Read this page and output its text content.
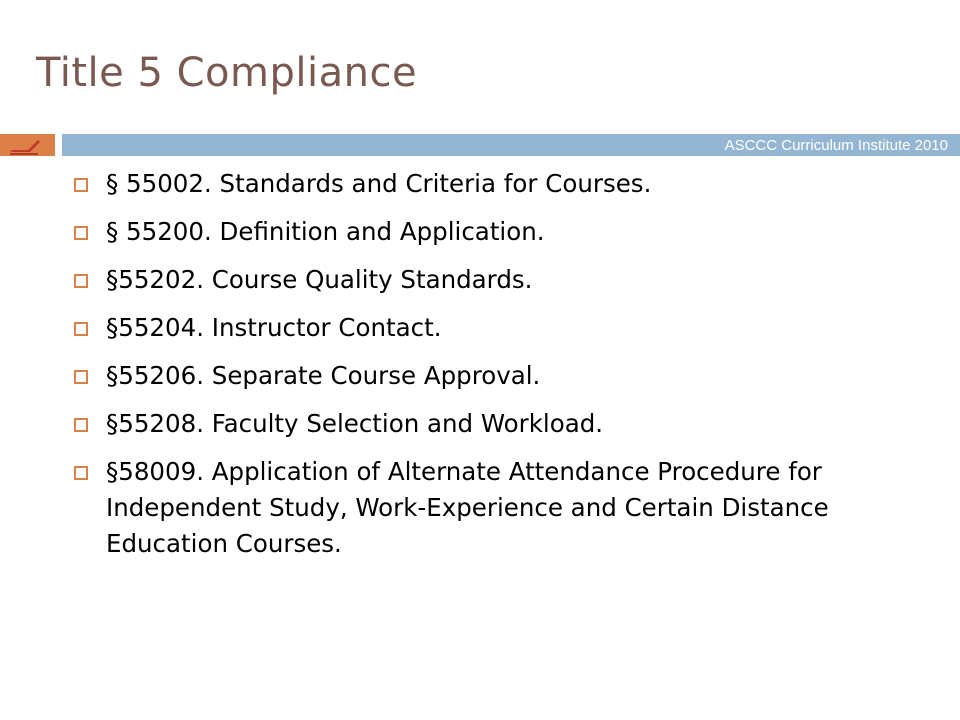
Title 5 Compliance
ASCCC Curriculum Institute 2010
§ 55002. Standards and Criteria for Courses.
§ 55200. Definition and Application.
§55202. Course Quality Standards.
§55204. Instructor Contact.
§55206. Separate Course Approval.
§55208. Faculty Selection and Workload.
§58009. Application of Alternate Attendance Procedure for Independent Study, Work-Experience and Certain Distance Education Courses.
